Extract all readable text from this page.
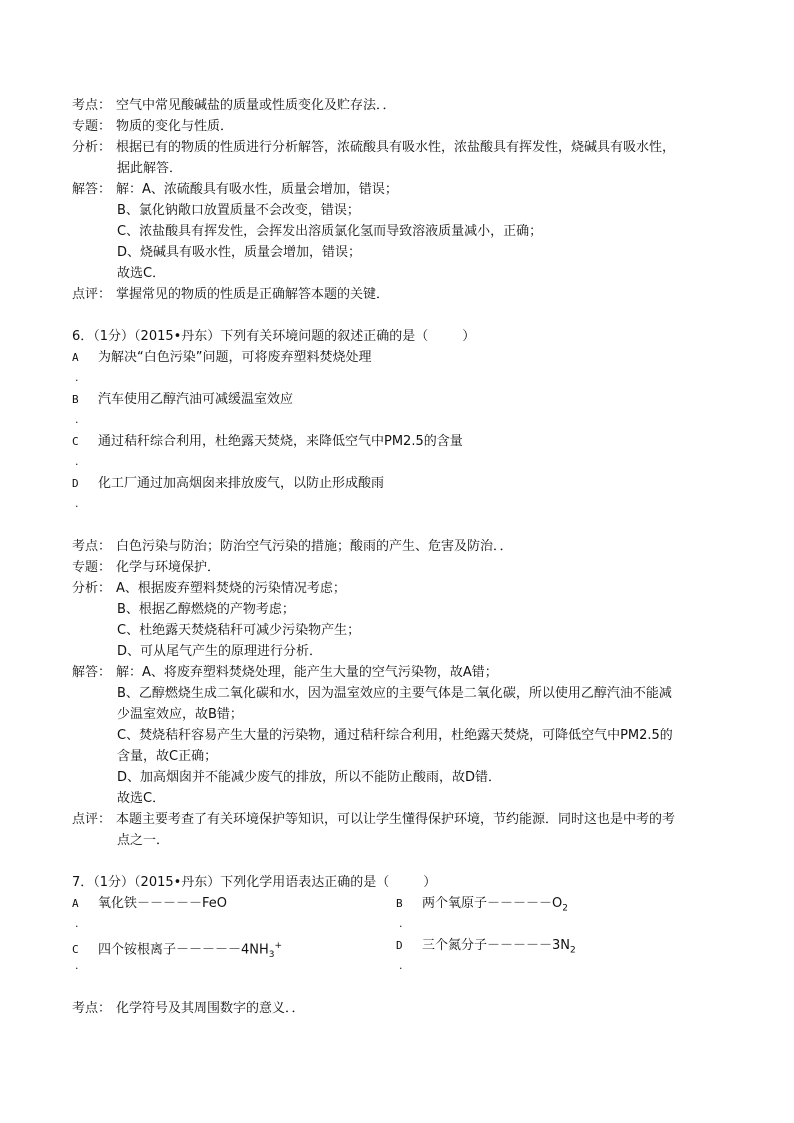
考点： 空气中常见酸碱盐的质量或性质变化及贮存法．．
专题： 物质的变化与性质．
分析： 根据已有的物质的性质进行分析解答，浓硫酸具有吸水性，浓盐酸具有挥发性，烧碱具有吸水性，
据此解答．
解答： 解：A、浓硫酸具有吸水性，质量会增加，错误；
B、氯化钠敞口放置质量不会改变，错误；
C、浓盐酸具有挥发性，会挥发出溶质氯化氢而导致溶液质量减小，正确；
D、烧碱具有吸水性，质量会增加，错误；
故选C．
点评： 掌握常见的物质的性质是正确解答本题的关键．
6．（1分）（2015•丹东）下列有关环境问题的叙述正确的是（	）
A 为解决“白色污染”问题，可将废弃塑料焚烧处理
.
B 汽车使用乙醇汽油可减缓温室效应
.
C 通过秸秆综合利用，杜绝露天焚烧，来降低空气中PM2.5的含量
.
D 化工厂通过加高烟囱来排放废气，以防止形成酸雨
.
考点： 白色污染与防治；防治空气污染的措施；酸雨的产生、危害及防治．．
专题： 化学与环境保护．
分析： A、根据废弃塑料焚烧的污染情况考虑；
B、根据乙醇燃烧的产物考虑；
C、杜绝露天焚烧秸秆可减少污染物产生；
D、可从尾气产生的原理进行分析．
解答： 解：A、将废弃塑料焚烧处理，能产生大量的空气污染物，故A错；
B、乙醇燃烧生成二氧化碳和水，因为温室效应的主要气体是二氧化碳，所以使用乙醇汽油不能减
少温室效应，故B错；
C、焚烧秸秆容易产生大量的污染物，通过秸秆综合利用，杜绝露天焚烧，可降低空气中PM2.5的
含量，故C正确；
D、加高烟囱并不能减少废气的排放，所以不能防止酸雨，故D错．
故选C．
点评： 本题主要考查了有关环境保护等知识，可以让学生懂得保护环境，节约能源．同时这也是中考的考
点之一．
7．（1分）（2015•丹东）下列化学用语表达正确的是（	）
A 氧化铁－－－－－FeO
.
B 两个氧原子$-----O_2$
.
C 四个铵根离子$-----4NH_3^+$
.
D 三个氮分子$-----3N_2$
.
考点： 化学符号及其周围数字的意义．．
